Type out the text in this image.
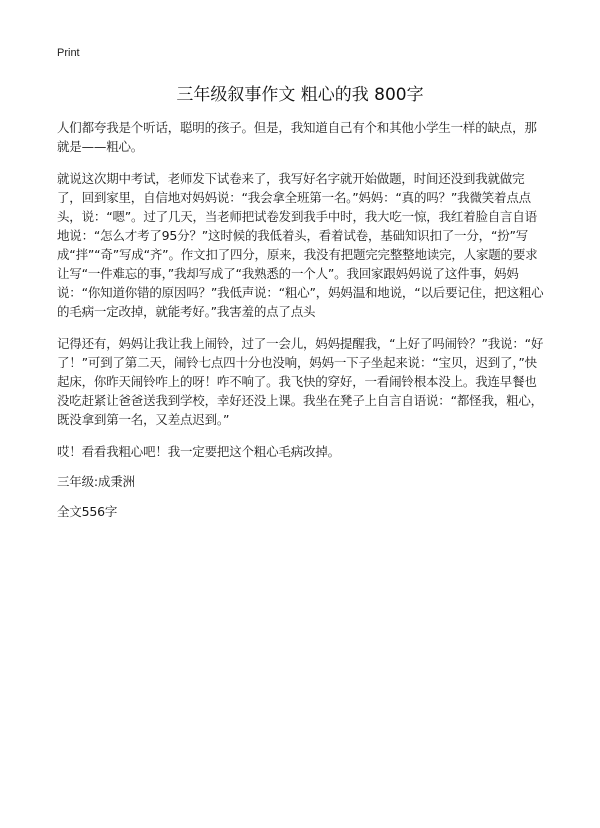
Print
三年级叙事作文 粗心的我 800字

人们都夸我是个听话，聪明的孩子。但是，我知道自己有个和其他小学生一样的缺点，那就是——粗心。

就说这次期中考试，老师发下试卷来了，我写好名字就开始做题，时间还没到我就做完了，回到家里，自信地对妈妈说：“我会拿全班第一名。”妈妈：“真的吗？”我微笑着点点头，说：“嗯”。过了几天，当老师把试卷发到我手中时，我大吃一惊，我红着脸自言自语地说：“怎么才考了95分？”这时候的我低着头，看着试卷，基础知识扣了一分，“扮”写成“拌”“奇”写成“齐”。作文扣了四分，原来，我没有把题完完整整地读完，人家题的要求让写“一件难忘的事，”我却写成了“我熟悉的一个人”。我回家跟妈妈说了这件事，妈妈说：“你知道你错的原因吗？”我低声说：“粗心”，妈妈温和地说，“以后要记住，把这粗心的毛病一定改掉，就能考好。”我害羞的点了点头

记得还有，妈妈让我让我上闹铃，过了一会儿，妈妈提醒我，“上好了吗闹铃？”我说：“好了！”可到了第二天，闹铃七点四十分也没响，妈妈一下子坐起来说：“宝贝，迟到了，”快起床，你昨天闹铃咋上的呀！咋不响了。我飞快的穿好，一看闹铃根本没上。我连早餐也没吃赶紧让爸爸送我到学校，幸好还没上课。我坐在凳子上自言自语说：“都怪我，粗心，既没拿到第一名，又差点迟到。”

哎！看看我粗心吧！我一定要把这个粗心毛病改掉。

三年级:成秉洲

全文556字
